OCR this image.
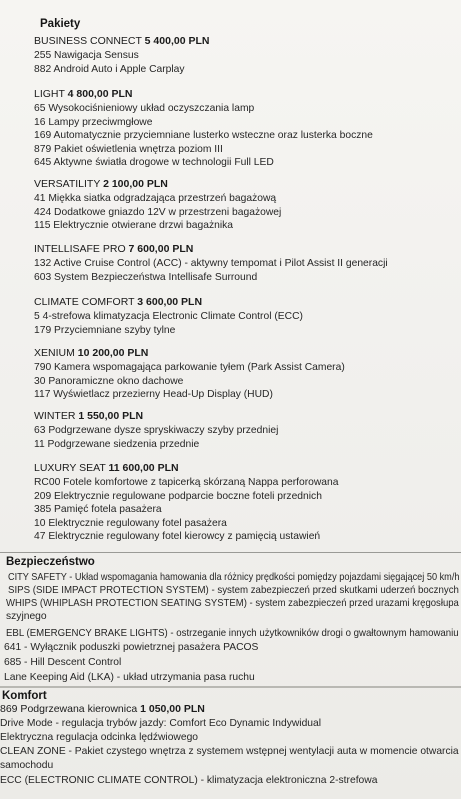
Pakiety
BUSINESS CONNECT 5 400,00 PLN
255 Nawigacja Sensus
882 Android Auto i Apple Carplay
LIGHT 4 800,00 PLN
65 Wysokociśnieniowy układ oczyszczania lamp
16 Lampy przeciwmgłowe
169 Automatycznie przyciemniane lusterko wsteczne oraz lusterka boczne
879 Pakiet oświetlenia wnętrza poziom III
645 Aktywne światła drogowe w technologii Full LED
VERSATILITY 2 100,00 PLN
41 Miękka siatka odgradzająca przestrzeń bagażową
424 Dodatkowe gniazdo 12V w przestrzeni bagażowej
115 Elektrycznie otwierane drzwi bagażnika
INTELLISAFE PRO 7 600,00 PLN
132 Active Cruise Control (ACC) - aktywny tempomat i Pilot Assist II generacji
603 System Bezpieczeństwa Intellisafe Surround
CLIMATE COMFORT 3 600,00 PLN
5 4-strefowa klimatyzacja Electronic Climate Control (ECC)
179 Przyciemniane szyby tylne
XENIUM 10 200,00 PLN
790 Kamera wspomagająca parkowanie tyłem (Park Assist Camera)
30 Panoramiczne okno dachowe
117 Wyświetlacz przezierny Head-Up Display (HUD)
WINTER 1 550,00 PLN
63 Podgrzewane dysze spryskiwaczy szyby przedniej
11 Podgrzewane siedzenia przednie
LUXURY SEAT 11 600,00 PLN
RC00 Fotele komfortowe z tapicerką skórzaną Nappa perforowana
209 Elektrycznie regulowane podparcie boczne foteli przednich
385 Pamięć fotela pasażera
10 Elektrycznie regulowany fotel pasażera
47 Elektrycznie regulowany fotel kierowcy z pamięcią ustawień
Bezpieczeństwo
CITY SAFETY - Układ wspomagania hamowania dla różnicy prędkości pomiędzy pojazdami sięgającej 50 km/h
SIPS (SIDE IMPACT PROTECTION SYSTEM) - system zabezpieczeń przed skutkami uderzeń bocznych
WHIPS (WHIPLASH PROTECTION SEATING SYSTEM) - system zabezpieczeń przed urazami kręgosłupa
szyjnego
EBL (EMERGENCY BRAKE LIGHTS) - ostrzeganie innych użytkowników drogi o gwałtownym hamowaniu
641 - Wyłącznik poduszki powietrznej pasażera PACOS
685 - Hill Descent Control
Lane Keeping Aid (LKA) - układ utrzymania pasa ruchu
Komfort
869 Podgrzewana kierownica 1 050,00 PLN
Drive Mode - regulacja trybów jazdy: Comfort Eco Dynamic Indywidual
Elektryczna regulacja odcinka lędźwiowego
CLEAN ZONE - Pakiet czystego wnętrza z systemem wstępnej wentylacji auta w momencie otwarcia
samochodu
ECC (ELECTRONIC CLIMATE CONTROL) - klimatyzacja elektroniczna 2-strefowa
